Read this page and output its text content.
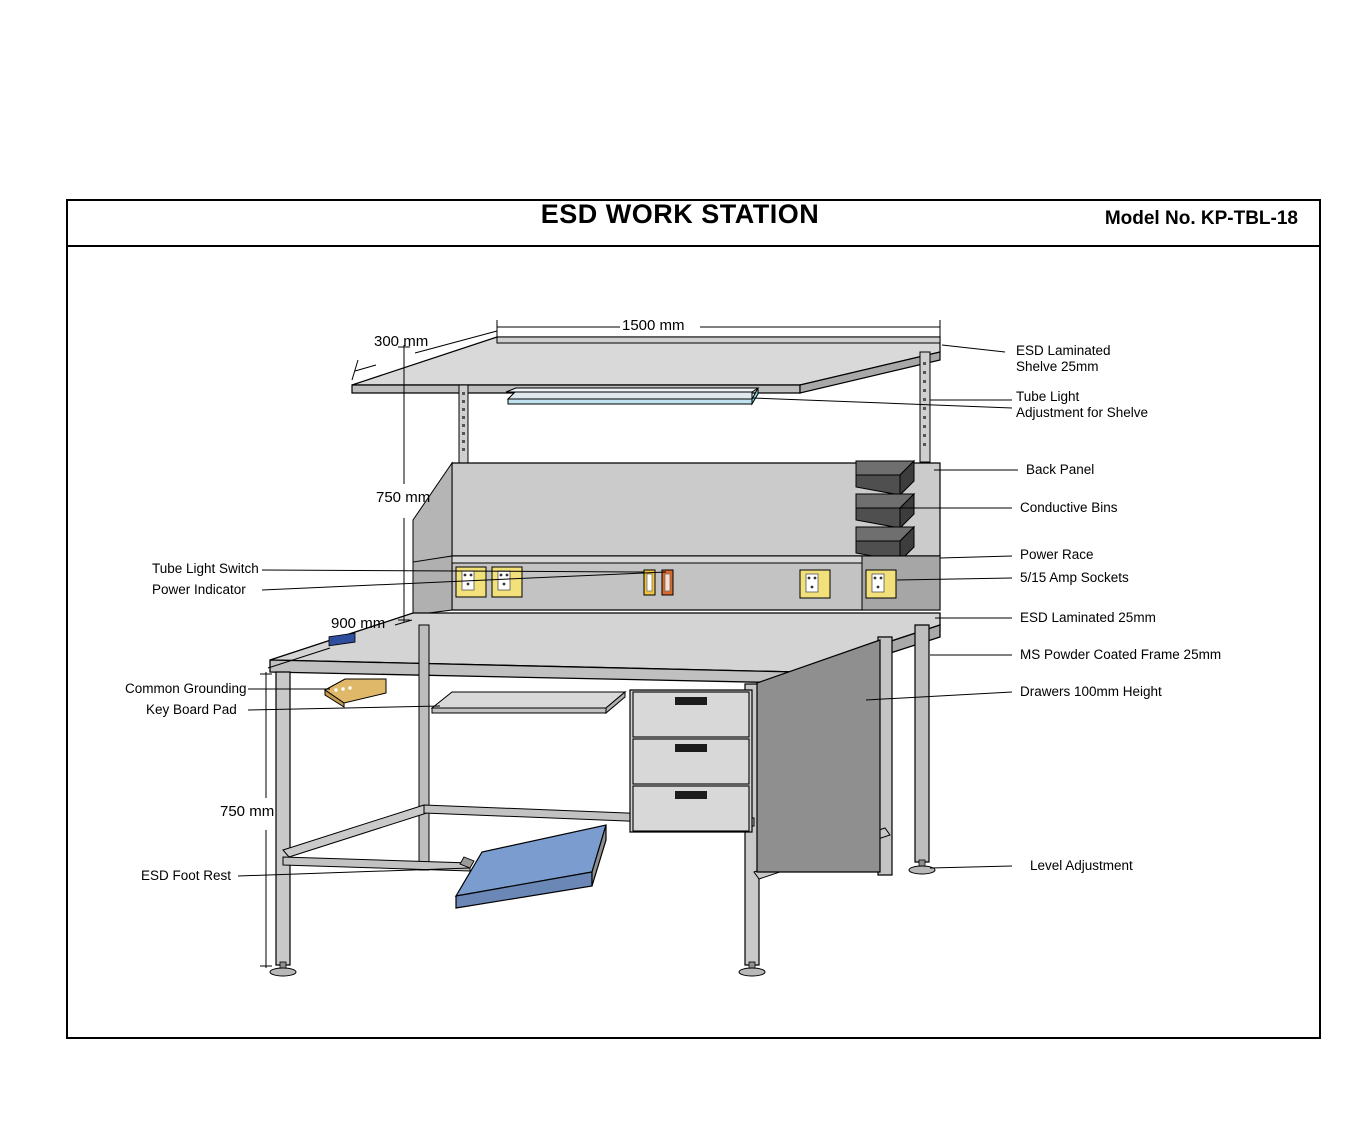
ESD WORK STATION	Model No. KP-TBL-18
1500 mm
300 mm
750 mm
900 mm
750 mm
ESD Laminated
Shelve 25mm
Tube Light
Adjustment for Shelve
Back Panel
Conductive Bins
Power Race
5/15 Amp Sockets
ESD Laminated 25mm
MS Powder Coated Frame 25mm
Drawers 100mm Height
Level Adjustment
Tube Light Switch
Power Indicator
Common Grounding
Key Board Pad
ESD Foot Rest
